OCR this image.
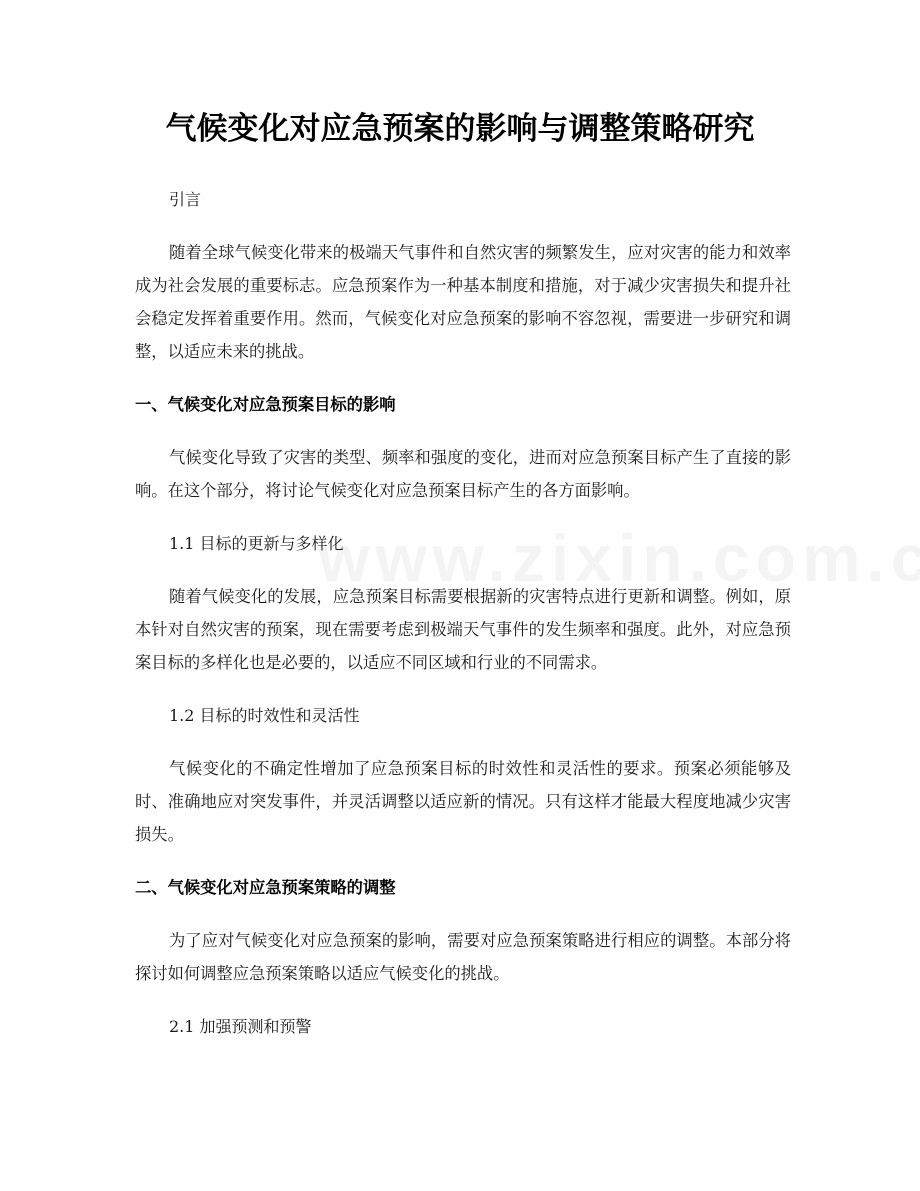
气候变化对应急预案的影响与调整策略研究

引言

随着全球气候变化带来的极端天气事件和自然灾害的频繁发生，应对灾害的能力和效率成为社会发展的重要标志。应急预案作为一种基本制度和措施，对于减少灾害损失和提升社会稳定发挥着重要作用。然而，气候变化对应急预案的影响不容忽视，需要进一步研究和调整，以适应未来的挑战。

一、气候变化对应急预案目标的影响

气候变化导致了灾害的类型、频率和强度的变化，进而对应急预案目标产生了直接的影响。在这个部分，将讨论气候变化对应急预案目标产生的各方面影响。

1.1 目标的更新与多样化

随着气候变化的发展，应急预案目标需要根据新的灾害特点进行更新和调整。例如，原本针对自然灾害的预案，现在需要考虑到极端天气事件的发生频率和强度。此外，对应急预案目标的多样化也是必要的，以适应不同区域和行业的不同需求。

1.2 目标的时效性和灵活性

气候变化的不确定性增加了应急预案目标的时效性和灵活性的要求。预案必须能够及时、准确地应对突发事件，并灵活调整以适应新的情况。只有这样才能最大程度地减少灾害损失。

二、气候变化对应急预案策略的调整

为了应对气候变化对应急预案的影响，需要对应急预案策略进行相应的调整。本部分将探讨如何调整应急预案策略以适应气候变化的挑战。

2.1 加强预测和预警
